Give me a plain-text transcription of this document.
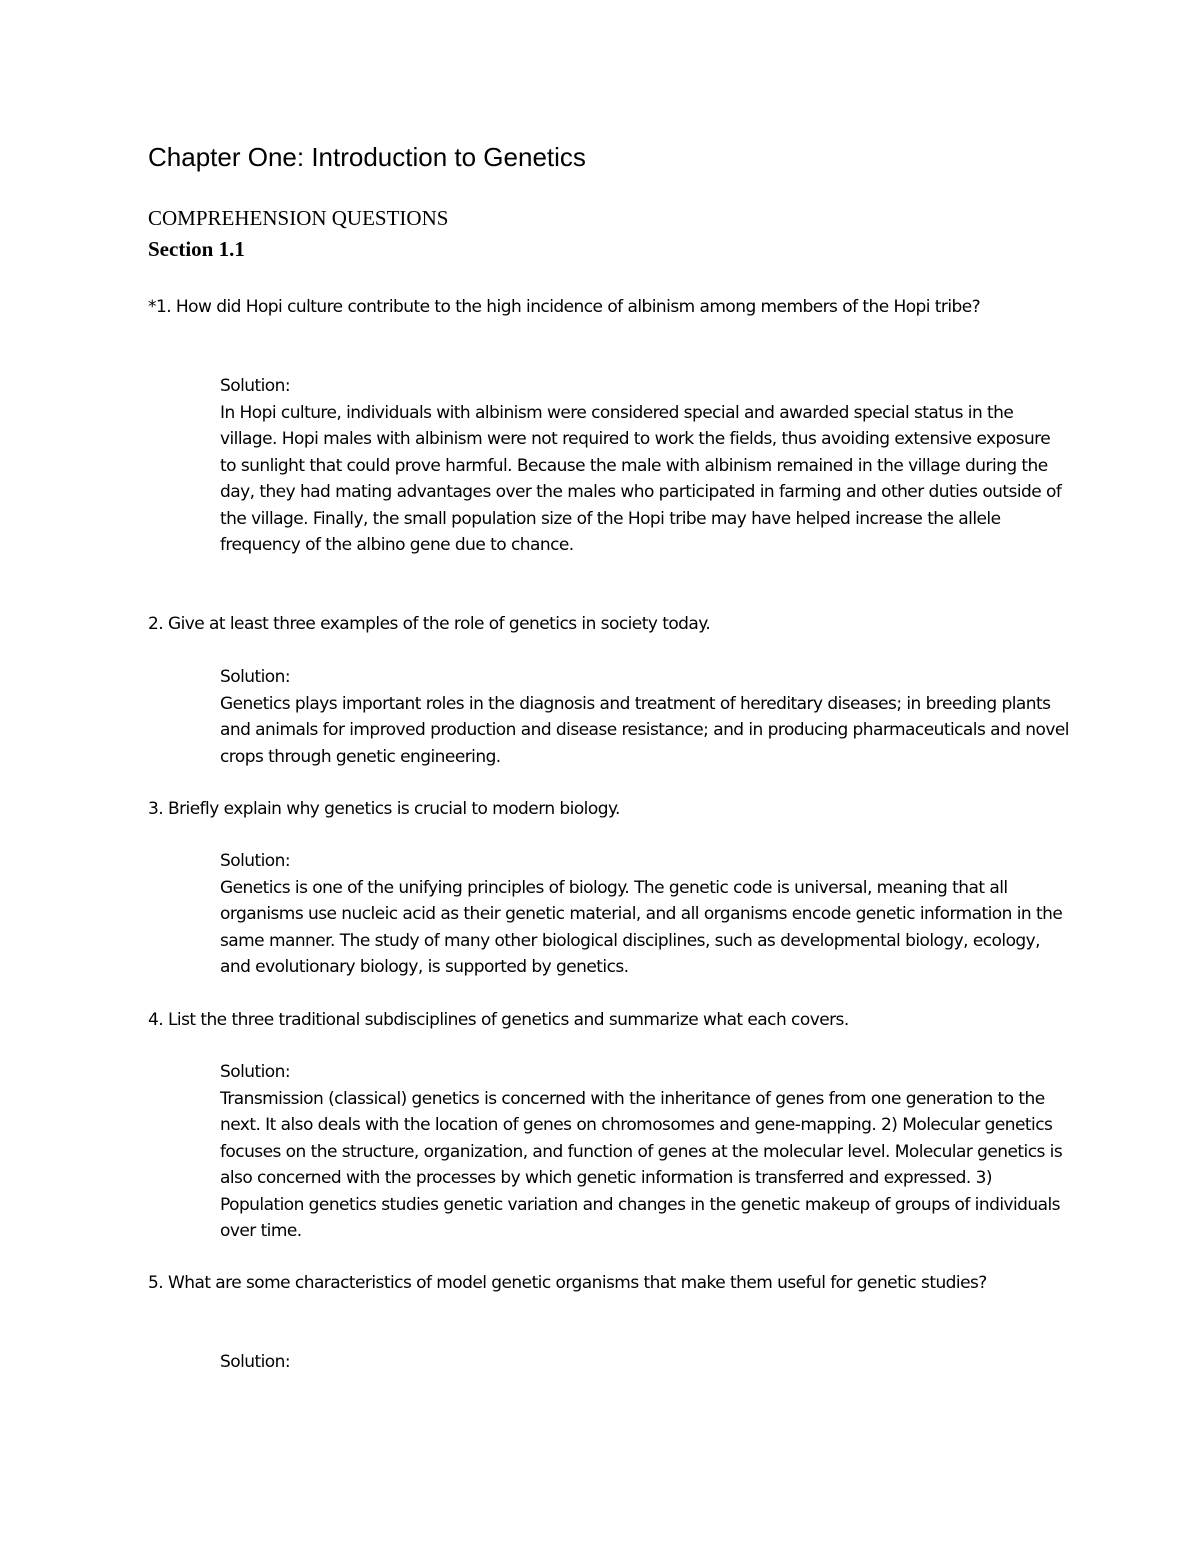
Chapter One: Introduction to Genetics
COMPREHENSION QUESTIONS
Section 1.1

*1. How did Hopi culture contribute to the high incidence of albinism among members of the Hopi tribe?

Solution:
In Hopi culture, individuals with albinism were considered special and awarded special status in the village. Hopi males with albinism were not required to work the fields, thus avoiding extensive exposure to sunlight that could prove harmful. Because the male with albinism remained in the village during the day, they had mating advantages over the males who participated in farming and other duties outside of the village. Finally, the small population size of the Hopi tribe may have helped increase the allele frequency of the albino gene due to chance.

2. Give at least three examples of the role of genetics in society today.

Solution:
Genetics plays important roles in the diagnosis and treatment of hereditary diseases; in breeding plants and animals for improved production and disease resistance; and in producing pharmaceuticals and novel crops through genetic engineering.

3. Briefly explain why genetics is crucial to modern biology.

Solution:
Genetics is one of the unifying principles of biology. The genetic code is universal, meaning that all organisms use nucleic acid as their genetic material, and all organisms encode genetic information in the same manner. The study of many other biological disciplines, such as developmental biology, ecology, and evolutionary biology, is supported by genetics.

4. List the three traditional subdisciplines of genetics and summarize what each covers.

Solution:
Transmission (classical) genetics is concerned with the inheritance of genes from one generation to the next. It also deals with the location of genes on chromosomes and gene-mapping. 2) Molecular genetics focuses on the structure, organization, and function of genes at the molecular level. Molecular genetics is also concerned with the processes by which genetic information is transferred and expressed. 3) Population genetics studies genetic variation and changes in the genetic makeup of groups of individuals over time.

5. What are some characteristics of model genetic organisms that make them useful for genetic studies?

Solution:
